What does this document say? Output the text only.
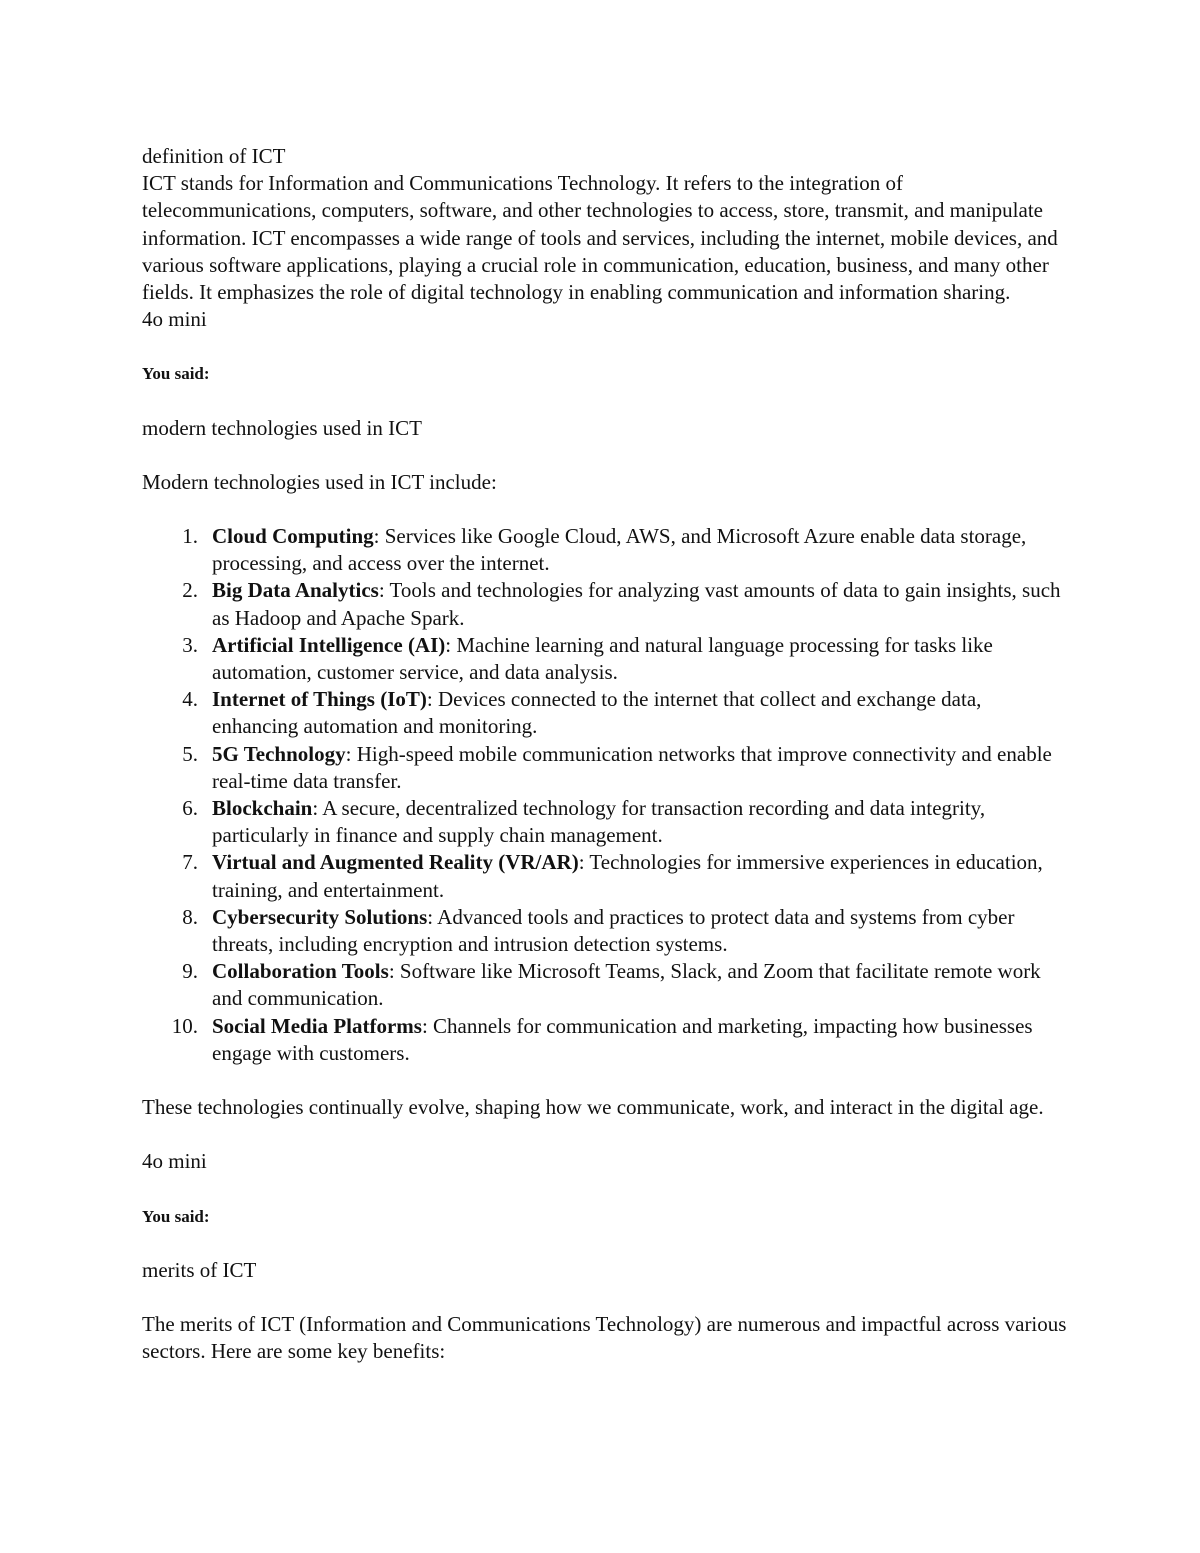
definition of ICT

ICT stands for Information and Communications Technology. It refers to the integration of telecommunications, computers, software, and other technologies to access, store, transmit, and manipulate information. ICT encompasses a wide range of tools and services, including the internet, mobile devices, and various software applications, playing a crucial role in communication, education, business, and many other fields. It emphasizes the role of digital technology in enabling communication and information sharing.

4o mini

You said:

modern technologies used in ICT

Modern technologies used in ICT include:

1. Cloud Computing: Services like Google Cloud, AWS, and Microsoft Azure enable data storage, processing, and access over the internet.
2. Big Data Analytics: Tools and technologies for analyzing vast amounts of data to gain insights, such as Hadoop and Apache Spark.
3. Artificial Intelligence (AI): Machine learning and natural language processing for tasks like automation, customer service, and data analysis.
4. Internet of Things (IoT): Devices connected to the internet that collect and exchange data, enhancing automation and monitoring.
5. 5G Technology: High-speed mobile communication networks that improve connectivity and enable real-time data transfer.
6. Blockchain: A secure, decentralized technology for transaction recording and data integrity, particularly in finance and supply chain management.
7. Virtual and Augmented Reality (VR/AR): Technologies for immersive experiences in education, training, and entertainment.
8. Cybersecurity Solutions: Advanced tools and practices to protect data and systems from cyber threats, including encryption and intrusion detection systems.
9. Collaboration Tools: Software like Microsoft Teams, Slack, and Zoom that facilitate remote work and communication.
10. Social Media Platforms: Channels for communication and marketing, impacting how businesses engage with customers.

These technologies continually evolve, shaping how we communicate, work, and interact in the digital age.

4o mini

You said:

merits of ICT

The merits of ICT (Information and Communications Technology) are numerous and impactful across various sectors. Here are some key benefits:
